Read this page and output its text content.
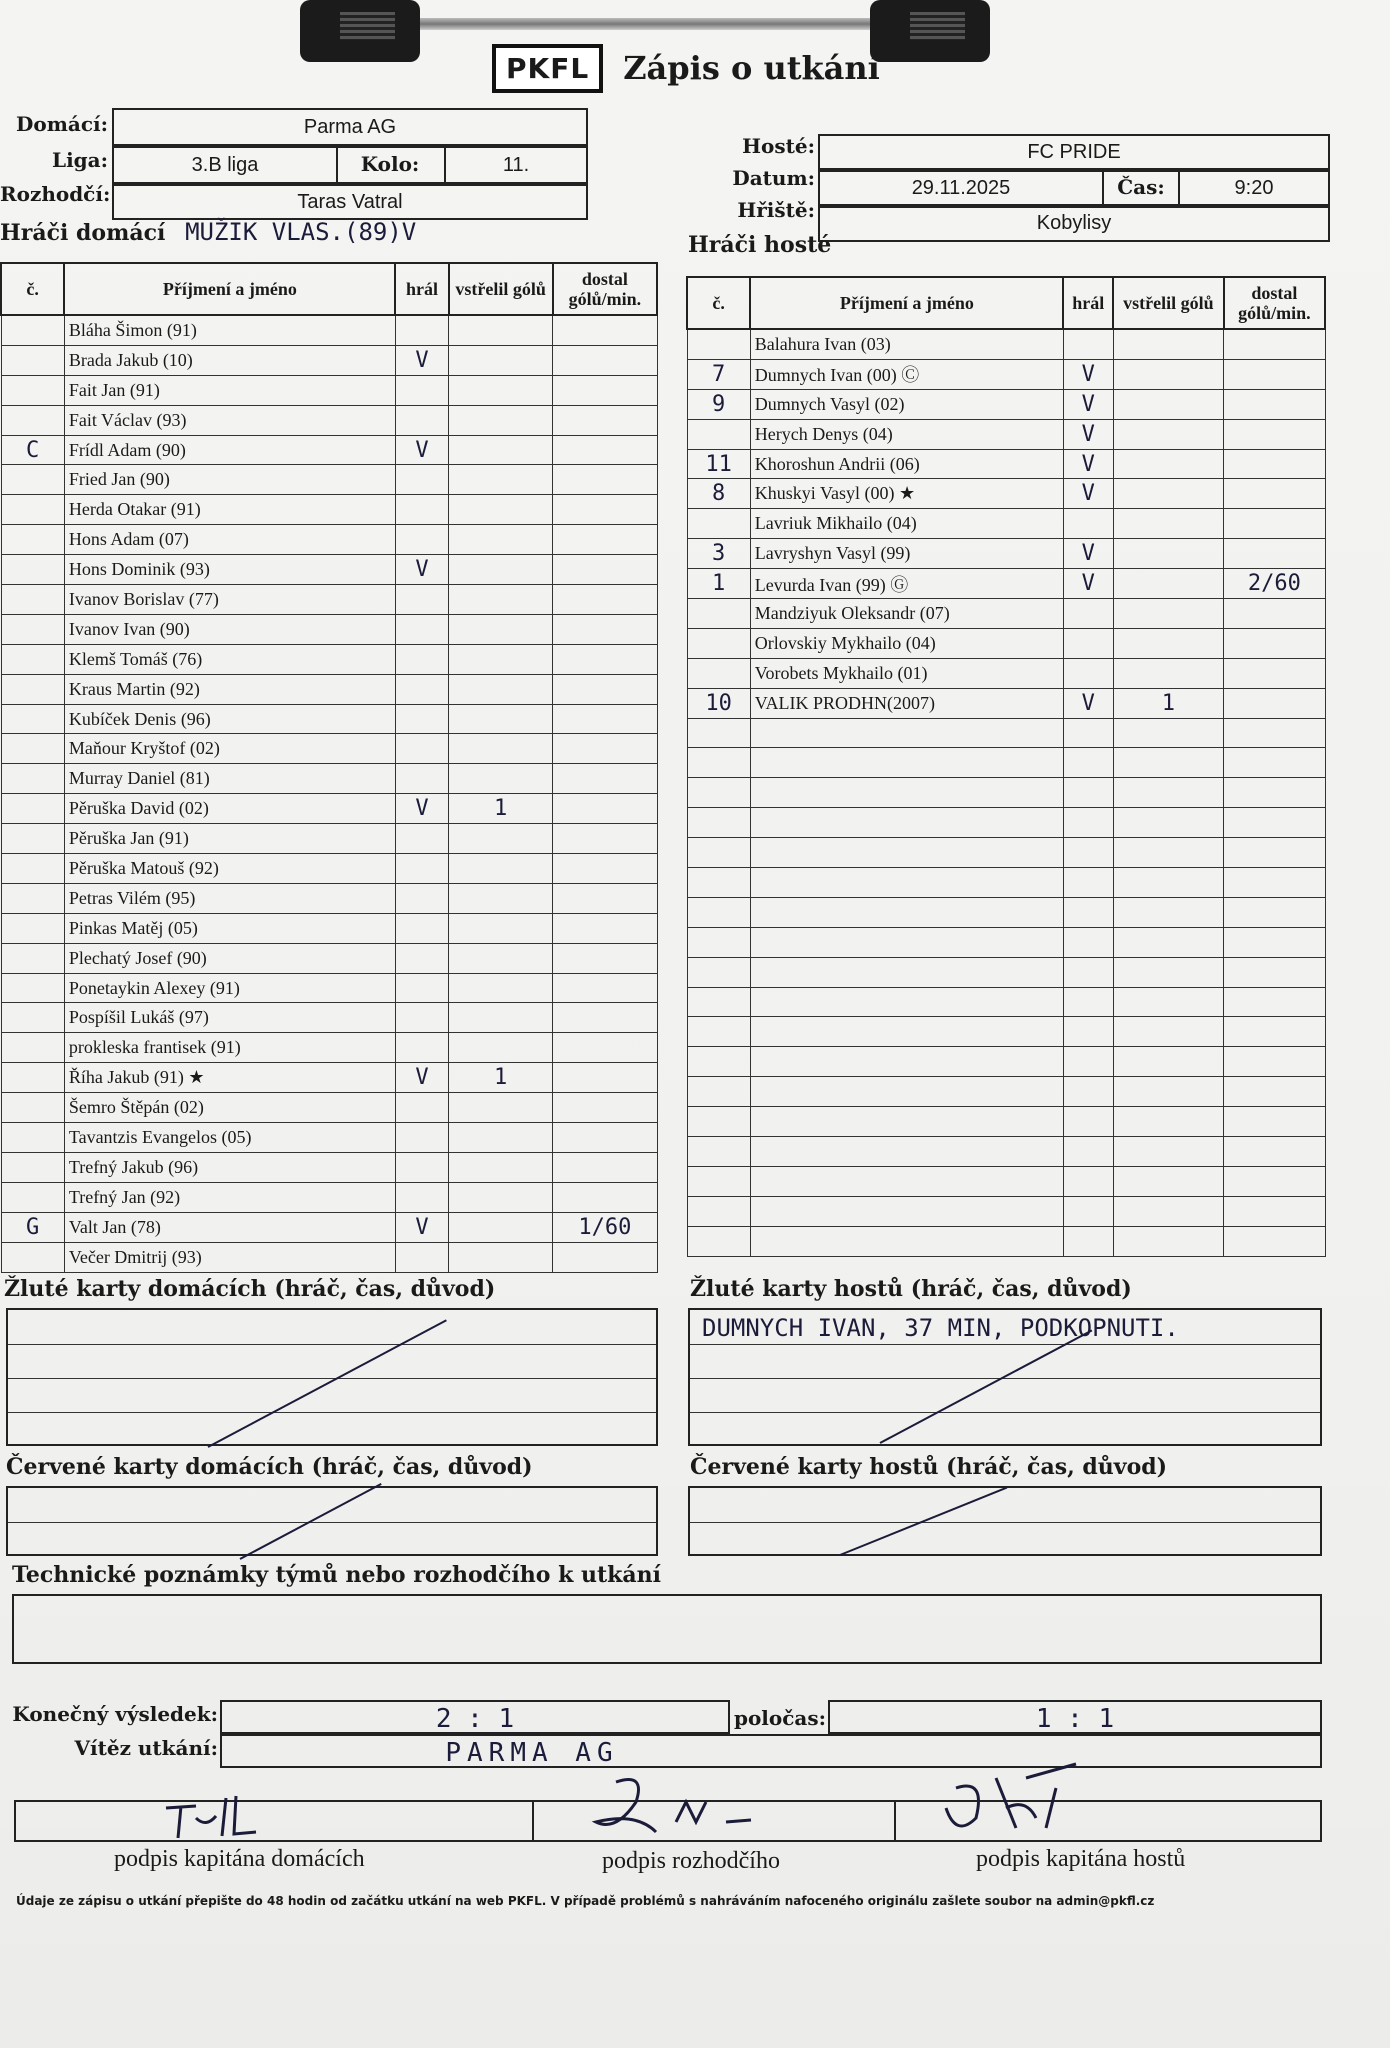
PKFL	Zápis o utkání
Domácí:	Parma AG
Liga:	3.B liga	Kolo:	11.
Rozhodčí:	Taras Vatral
Hosté:	FC PRIDE
Datum:	29.11.2025	Čas:	9:20
Hřiště:
Kobylisy
Hráči domácí MUŽIK VLAS.(89)V
č.	Příjmení a jméno	hrál	vstřelil gólů	dostal gólů/min.
	Bláha Šimon (91)			
	Brada Jakub (10)	V		
	Fait Jan (91)			
	Fait Václav (93)			
C	Frídl Adam (90)	V		
	Fried Jan (90)			
	Herda Otakar (91)			
	Hons Adam (07)			
	Hons Dominik (93)	V		
	Ivanov Borislav (77)			
	Ivanov Ivan (90)			
	Klemš Tomáš (76)			
	Kraus Martin (92)			
	Kubíček Denis (96)			
	Maňour Kryštof (02)			
	Murray Daniel (81)			
	Pěruška David (02)	V	1	
	Pěruška Jan (91)			
	Pěruška Matouš (92)			
	Petras Vilém (95)			
	Pinkas Matěj (05)			
	Plechatý Josef (90)			
	Ponetaykin Alexey (91)			
	Pospíšil Lukáš (97)			
	prokleska frantisek (91)			
	Říha Jakub (91) ★	V	1	
	Šemro Štěpán (02)			
	Tavantzis Evangelos (05)			
	Trefný Jakub (96)			
	Trefný Jan (92)			
G	Valt Jan (78)	V		1/60
	Večer Dmitrij (93)			
Hráči hosté
č.	Příjmení a jméno	hrál	vstřelil gólů	dostal gólů/min.
	Balahura Ivan (03)			
7	Dumnych Ivan (00) Ⓒ	V		
9	Dumnych Vasyl (02)	V		
	Herych Denys (04)	V		
11	Khoroshun Andrii (06)	V		
8	Khuskyi Vasyl (00) ★	V		
	Lavriuk Mikhailo (04)			
3	Lavryshyn Vasyl (99)	V		
1	Levurda Ivan (99) Ⓖ	V		2/60
	Mandziyuk Oleksandr (07)			
	Orlovskiy Mykhailo (04)			
	Vorobets Mykhailo (01)			
10	VALIK PRODHN(2007)	V	1	

Žluté karty domácích (hráč, čas, důvod)	Žluté karty hostů (hráč, čas, důvod)
DUMNYCH IVAN, 37 MIN, PODKOPNUTI.
Červené karty domácích (hráč, čas, důvod)	Červené karty hostů (hráč, čas, důvod)
Technické poznámky týmů nebo rozhodčího k utkání
Konečný výsledek:	2 : 1	poločas:	1 : 1
Vítěz utkání:	PARMA AG
podpis kapitána domácích	podpis rozhodčího	podpis kapitána hostů
Údaje ze zápisu o utkání přepište do 48 hodin od začátku utkání na web PKFL. V případě problémů s nahráváním nafoceného originálu zašlete soubor na admin@pkfl.cz
